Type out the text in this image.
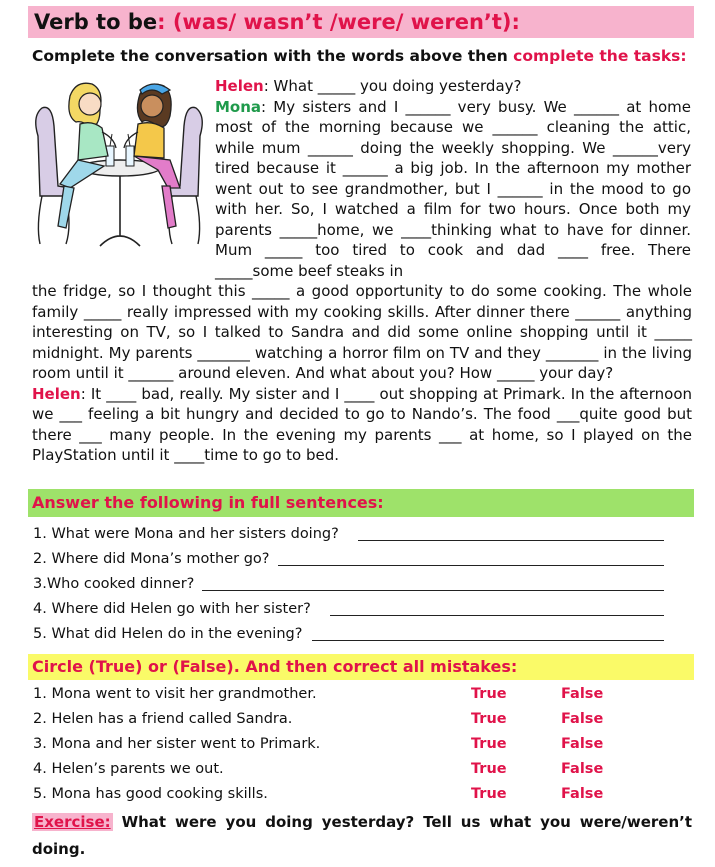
Verb to be: (was/ wasn’t /were/ weren’t):
Complete the conversation with the words above then complete the tasks:

Helen: What _____ you doing yesterday?

Mona: My sisters and I ______ very busy. We ______ at home most of the morning because we ______ cleaning the attic, while mum ______ doing the weekly shopping. We ______very tired because it ______ a big job. In the afternoon my mother went out to see grandmother, but I ______ in the mood to go with her. So, I watched a film for two hours. Once both my parents _____home, we ____thinking what to have for dinner. Mum _____ too tired to cook and dad ____ free. There _____some beef steaks in

the fridge, so I thought this _____ a good opportunity to do some cooking. The whole family _____ really impressed with my cooking skills. After dinner there ______ anything interesting on TV, so I talked to Sandra and did some online shopping until it _____ midnight. My parents _______ watching a horror film on TV and they _______ in the living room until it ______ around eleven. And what about you? How _____ your day?

Helen: It ____ bad, really. My sister and I ____ out shopping at Primark. In the afternoon we ___ feeling a bit hungry and decided to go to Nando’s. The food ___quite good but there ___ many people. In the evening my parents ___ at home, so I played on the PlayStation until it ____time to go to bed.

Answer the following in full sentences:
1. What were Mona and her sisters doing?
2. Where did Mona’s mother go?
3.Who cooked dinner?
4. Where did Helen go with her sister?
5. What did Helen do in the evening?
Circle (True) or (False). And then correct all mistakes:
1. Mona went to visit her grandmother.	True	False
2. Helen has a friend called Sandra.	True	False
3. Mona and her sister went to Primark.	True	False
4. Helen’s parents we out.	True	False
5. Mona has good cooking skills.	True	False
Exercise: What were you doing yesterday? Tell us what you were/weren’t doing.
